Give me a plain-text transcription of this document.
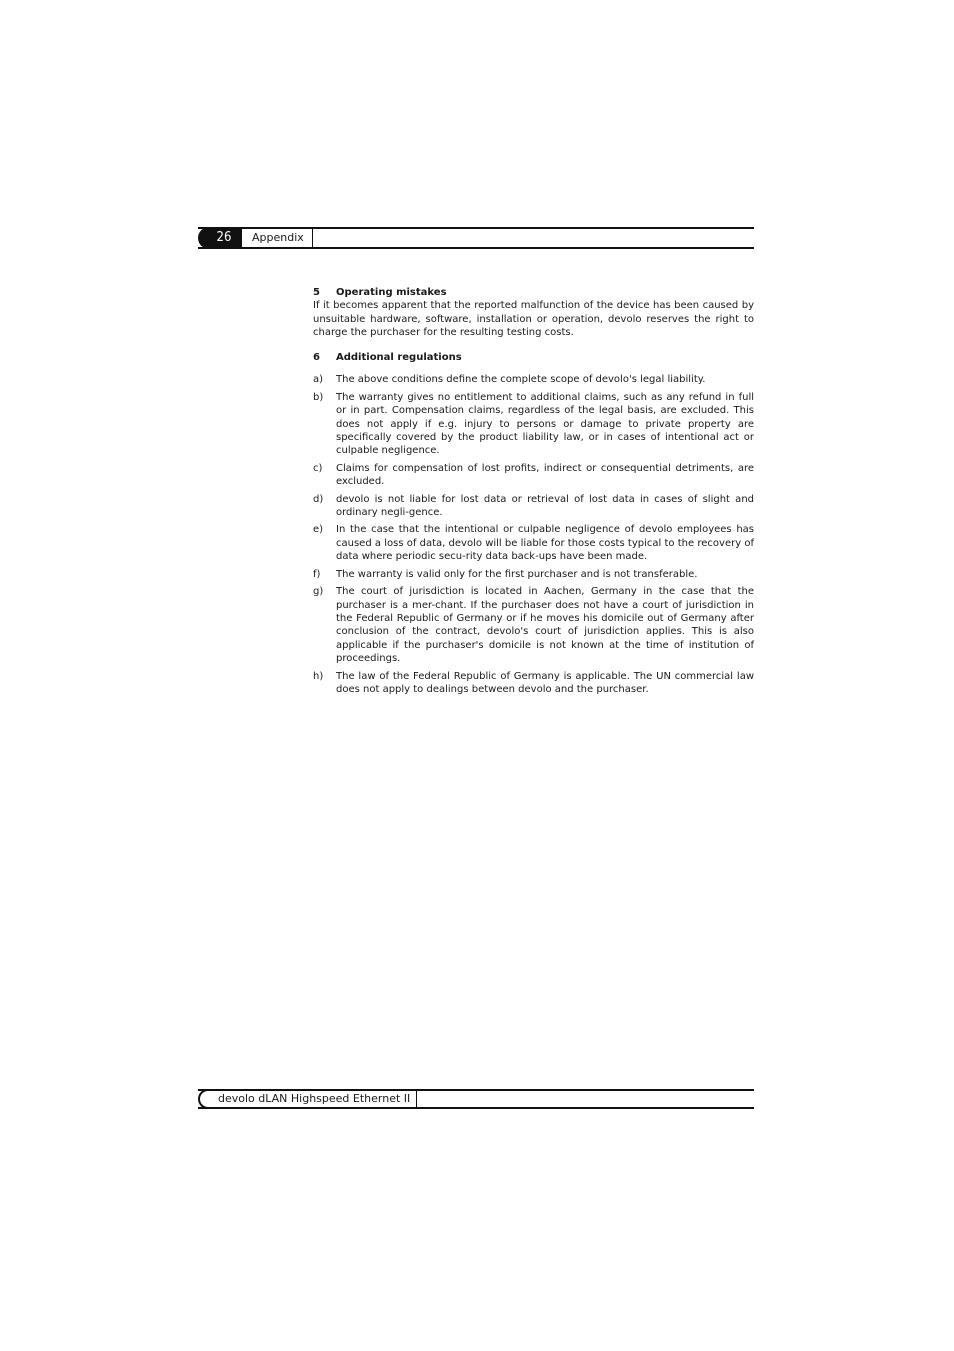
26	Appendix
5	Operating mistakes
If it becomes apparent that the reported malfunction of the device has been caused by unsuitable hardware, software, installation or operation, devolo reserves the right to charge the purchaser for the resulting testing costs.
6	Additional regulations
a)	The above conditions define the complete scope of devolo's legal liability.
b)	The warranty gives no entitlement to additional claims, such as any refund in full or in part. Compensation claims, regardless of the legal basis, are excluded. This does not apply if e.g. injury to persons or damage to private property are specifically covered by the product liability law, or in cases of intentional act or culpable negligence.
c)	Claims for compensation of lost profits, indirect or consequential detriments, are excluded.
d)	devolo is not liable for lost data or retrieval of lost data in cases of slight and ordinary negli-gence.
e)	In the case that the intentional or culpable negligence of devolo employees has caused a loss of data, devolo will be liable for those costs typical to the recovery of data where periodic secu-rity data back-ups have been made.
f)	The warranty is valid only for the first purchaser and is not transferable.
g)	The court of jurisdiction is located in Aachen, Germany in the case that the purchaser is a mer-chant. If the purchaser does not have a court of jurisdiction in the Federal Republic of Germany or if he moves his domicile out of Germany after conclusion of the contract, devolo's court of jurisdiction applies. This is also applicable if the purchaser's domicile is not known at the time of institution of proceedings.
h)	The law of the Federal Republic of Germany is applicable. The UN commercial law does not apply to dealings between devolo and the purchaser.
devolo dLAN Highspeed Ethernet II
